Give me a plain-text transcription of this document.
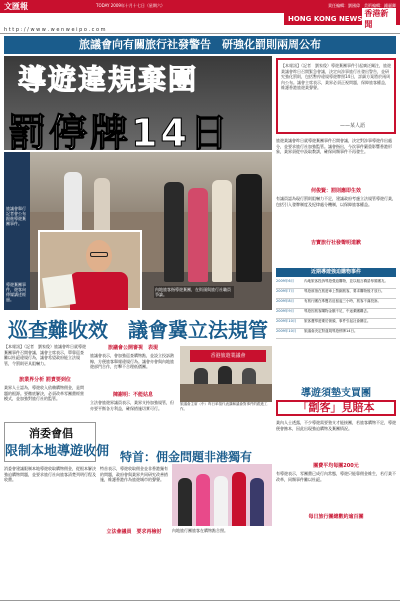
文匯報	TODAY 2009年十月十七日（星期六）	責任編輯：劉國偉　美術編輯：鍾麗卿
HONG KONG NEWS
香港新聞
h t t p : / / w w w . w e n w e i p o . c o m
旅議會向有關旅行社發警告　研強化罰則兩周公布
導遊違規棄團
罰停牌14日
【本報訊】（記者　劉家俊）導遊棄團事件引起廣泛關注，旅遊業議會昨日召開緊急會議，決定向涉事旅行社發出警告，並研究強化罰則，包括暫停違規導遊牌照14日，詳細方案將於兩周內公布。議會主席表示，業界必須正視問題，保障旅客權益，維護香港旅遊業聲譽。
——某人語
旅議會舉行記者會公布跟進導遊棄團事件。
導遊棄團事件，遊客向傳媒講述經過。
內地旅客指導遊棄團，在街頭與旅行社職員爭論。
旅遊業議會昨日就導遊棄團事件召開會議，決定對涉事導遊作出處分，並要求旅行社加強監管。議會指出，今次事件嚴重影響香港形象，業界須從中汲取教訓，確保同類事件不再發生。
何俊賢：罰則應即生效
有議員認為現行罰則阻嚇力不足，建議政府考慮立法規管導遊行業，包括引入發牌制度及紀律處分機制，以保障旅客權益。
吉寶旅行社發聲明道歉
近期導遊強迫購物事件
2009年6月	內地旅客投訴導遊強迫購物，並以粗言穢語辱罵團友。
2009年7月	導遊被指在旅遊車上禁錮旅客，要求購物後才放行。
2009年8月	有旅行團在珠寶店逗留逾三小時，旅客不滿投訴。
2009年9月	導遊因旅客購物金額不足，中途棄團離去。
2009年10月	旅客遭導遊棄於街頭，事件引起社會關注。
2009年10月	旅議會決定對違規導遊停牌14日。
巡查難收效　議會冀立法規管
【本報訊】（記者　劉家俊）旅議會昨日就導遊棄團事件召開會議，議會主席表示，單靠巡查難以杜絕違規行為，議會希望政府能立法規管，令罰則更具阻嚇力。
旅業界分析 罰責要到位
業界人士認為，導遊收入依賴購物佣金，是問題的根源。要徹底解決，必須改革零團費經營模式，並加強對旅行社的監管。
旅議會公開審視　表現
旅議會表示，會加強巡查購物點，並設立投訴熱線，方便旅客舉報違規行為。議會亦會與內地旅遊部門合作，打擊不合理低價團。
陳謝明：不能姑息
立法會旅遊界議員表示，業界支持加強規管，但亦要平衡各方利益，確保措施切實可行。
香港旅遊業議會
旅議會主席（中）昨日率領代表講解議會對事件的跟進工作。
消委會倡
限制本地導遊收佣
消委會建議限制本地導遊收取購物佣金，從根本解決強迫購物問題，並要求旅行社向旅客清楚列明行程及收費。
特首：佣金問題非港獨有
特首表示，導遊收取佣金並非香港獨有的問題，政府會與業界共同研究改善措施，維護香港作為旅遊城市的聲譽。
立法會議員　要求再檢討	內地旅行團旅客在購物點合照。
導遊須墊支買團
「劏客」見賠本
業內人士透露，不少導遊需要墊支才能接團，若旅客購物不足，導遊便會蝕本，因此出現強迫購物及棄團情況。
團費平均每團200元
有導遊表示，零團費已成行內常態，導遊只能靠佣金維生，若行業不改革，同類事件難以杜絕。
每日旅行團總數約逾百團
